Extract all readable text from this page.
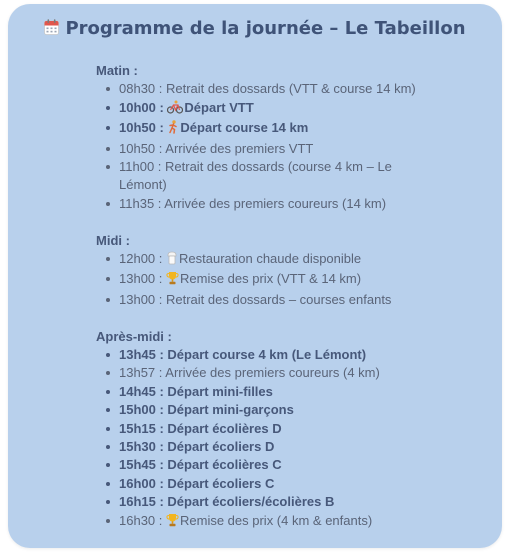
Programme de la journée – Le Tabeillon
Matin :
08h30 : Retrait des dossards (VTT & course 14 km)
10h00 : Départ VTT
10h50 : Départ course 14 km
10h50 : Arrivée des premiers VTT
11h00 : Retrait des dossards (course 4 km – Le Lémont)
11h35 : Arrivée des premiers coureurs (14 km)
Midi :
12h00 : Restauration chaude disponible
13h00 : Remise des prix (VTT & 14 km)
13h00 : Retrait des dossards – courses enfants
Après-midi :
13h45 : Départ course 4 km (Le Lémont)
13h57 : Arrivée des premiers coureurs (4 km)
14h45 : Départ mini-filles
15h00 : Départ mini-garçons
15h15 : Départ écolières D
15h30 : Départ écoliers D
15h45 : Départ écolières C
16h00 : Départ écoliers C
16h15 : Départ écoliers/écolières B
16h30 : Remise des prix (4 km & enfants)
